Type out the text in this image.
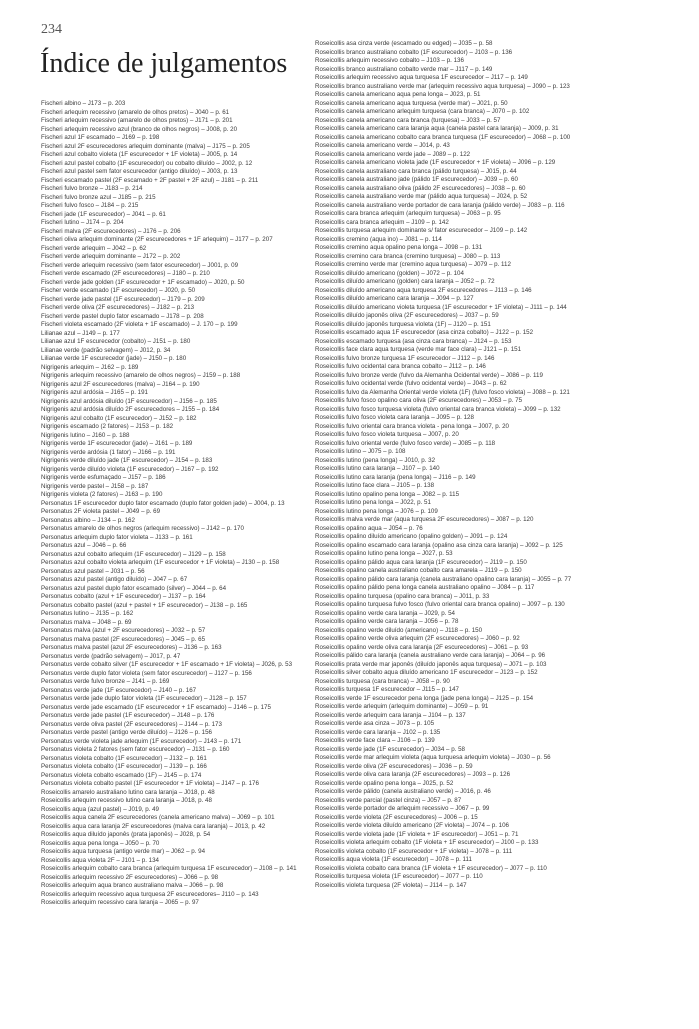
234
Índice de julgamentos
Fischeri albino – J173 – p. 203
Fischeri arlequim recessivo (amarelo de olhos pretos) – J040 – p. 61
Fischeri arlequim recessivo (amarelo de olhos pretos) – J171 – p. 201
Fischeri arlequim recessivo azul (branco de olhos negros) – J008, p. 20
Fischeri azul 1F escamado – J169 – p. 198
Fischeri azul 2F escurecedores arlequim dominante (malva) – J175 – p. 205
Fischeri azul cobalto violeta (1F escurecedor + 1F violeta) – J005, p. 14
Fischeri azul pastel cobalto (1F escurecedor) ou cobalto diluído – J002, p. 12
Fischeri azul pastel sem fator escurecedor (antigo diluído) – J003, p. 13
Fischeri escamado pastel (2F escamado + 2F pastel + 2F azul) – J181 – p. 211
Fischeri fulvo bronze – J183 – p. 214
Fischeri fulvo bronze azul – J185 – p. 215
Fischeri fulvo fosco – J184 – p. 215
Fischeri jade (1F escurecedor) – J041 – p. 61
Fischeri lutino – J174 – p. 204
Fischeri malva (2F escurecedores) – J176 – p. 206
Fischeri oliva arlequim dominante (2F escurecedores + 1F arlequim) – J177 – p. 207
Fischeri verde arlequim – J042 – p. 62
Fischeri verde arlequim dominante – J172 – p. 202
Fischeri verde arlequim recessivo (sem fator escurecedor) – J001, p. 09
Fischeri verde escamado (2F escurecedores) – J180 – p. 210
Fischeri verde jade golden (1F escurecedor + 1F escamado) – J020, p. 50
Fischer verde escamado (1F escurecedor) – J020, p. 50
Fischeri verde jade pastel (1F escurecedor) – J179 – p. 209
Fischeri verde oliva (2F escurecedores) – J182 – p. 213
Fischeri verde pastel duplo fator escamado – J178 – p. 208
Fischeri violeta escamado (2F violeta + 1F escamado) – J. 170 – p. 199
Lilianae azul – J149 – p. 177
Lilianae azul 1F escurecedor (cobalto) – J151 – p. 180
Lilianae verde (padrão selvagem) – J012, p. 34
Lilianae verde 1F escurecedor (jade) – J150 – p. 180
Nigrigenis arlequim – J162 – p. 189
Nigrigenis arlequim recessivo (amarelo de olhos negros) – J159 – p. 188
Nigrigenis azul 2F escurecedores (malva) – J164 – p. 190
Nigrigenis azul ardósia – J165 – p. 191
Nigrigenis azul ardósia diluído (1F escurecedor) – J156 – p. 185
Nigrigenis azul ardósia diluído 2F escurecedores – J155 – p. 184
Nigrigenis azul cobalto (1F escurecedor) – J152 – p. 182
Nigrigenis escamado (2 fatores) – J153 – p. 182
Nigrigenis lutino – J160 – p. 188
Nigrigenis verde 1F escurecedor (jade) – J161 – p. 189
Nigrigenis verde ardósia (1 fator) – J166 – p. 191
Nigrigenis verde diluído jade (1F escurecedor) – J154 – p. 183
Nigrigenis verde diluído violeta (1F escurecedor) – J167 – p. 192
Nigrigenis verde esfumaçado – J157 – p. 186
Nigrigenis verde pastel – J158 – p. 187
Nigrigenis violeta (2 fatores) – J163 – p. 190
Personatus 1F escurecedor duplo fator escamado (duplo fator golden jade) – J004, p. 13
Personatus 2F violeta pastel – J049 – p. 69
Personatus albino – J134 – p. 162
Personatus amarelo de olhos negros (arlequim recessivo) – J142 – p. 170
Personatus arlequim duplo fator violeta – J133 – p. 161
Personatus azul – J046 – p. 66
Personatus azul cobalto arlequim (1F escurecedor) – J129 – p. 158
Personatus azul cobalto violeta arlequim (1F escurecedor + 1F violeta) – J130 – p. 158
Personatus azul pastel – J031 – p. 56
Personatus azul pastel (antigo diluído) – J047 – p. 67
Personatus azul pastel duplo fator escamado (silver) – J044 – p. 64
Personatus cobalto (azul + 1F escurecedor) – J137 – p. 164
Personatus cobalto pastel (azul + pastel + 1F escurecedor) – J138 – p. 165
Personatus lutino – J135 – p. 162
Personatus malva – J048 – p. 69
Personatus malva (azul + 2F escurecedores) – J032 – p. 57
Personatus malva pastel (2F escurecedores) – J045 – p. 65
Personatus malva pastel (azul 2F escurecedores) – J136 – p. 163
Personatus verde (padrão selvagem) – J017, p. 47
Personatus verde cobalto silver (1F escurecedor + 1F escamado + 1F violeta) – J026, p. 53
Personatus verde duplo fator violeta (sem fator escurecedor) – J127 – p. 156
Personatus verde fulvo bronze – J141 – p. 169
Personatus verde jade (1F escurecedor) – J140 – p. 167
Personatus verde jade duplo fator violeta (1F escurecedor) – J128 – p. 157
Personatus verde jade escamado (1F escurecedor + 1F escamado) – J146 – p. 175
Personatus verde jade pastel (1F escurecedor) – J148 – p. 176
Personatus verde oliva pastel (2F escurecedores) – J144 – p. 173
Personatus verde pastel (antigo verde diluído) – J126 – p. 156
Personatus verde violeta jade arlequim (1F escurecedor) – J143 – p. 171
Personatus violeta 2 fatores (sem fator escurecedor) – J131 – p. 160
Personatus violeta cobalto (1F escurecedor) – J132 – p. 161
Personatus violeta cobalto (1F escurecedor) – J139 – p. 166
Personatus violeta cobalto escamado (1F) – J145 – p. 174
Personatus violeta cobalto pastel (1F escurecedor + 1F violeta) – J147 – p. 176
Roseicollis amarelo australiano lutino cara laranja – J018, p. 48
Roseicollis arlequim recessivo lutino cara laranja – J018, p. 48
Roseicollis aqua (azul pastel) – J019, p. 49
Roseicollis aqua canela 2F escurecedores (canela americano malva) – J069 – p. 101
Roseicollis aqua cara laranja 2F escurecedores (malva cara laranja) – J013, p. 42
Roseicollis aqua diluído japonês (prata japonês) – J028, p. 54
Roseicollis aqua pena longa – J050 – p. 70
Roseicollis aqua turquesa (antigo verde mar) – J062 – p. 94
Roseicollis aqua violeta 2F – J101 – p. 134
Roseicollis arlequim cobalto cara branca (arlequim turquesa 1F escurecedor) – J108 – p. 141
Roseicollis arlequim recessivo 2F escurecedores) – J066 – p. 98
Roseicollis arlequim aqua branco australiano malva – J066 – p. 98
Roseicollis arlequim recessivo aqua turquesa 2F escurecedores– J110 – p. 143
Roseicollis arlequim recessivo cara laranja – J065 – p. 97
Roseicollis asa cinza verde (escamado ou edged) – J035 – p. 58
Roseicollis branco australiano cobalto (1F escurecedor) – J103 – p. 136
Roseicollis arlequim recessivo cobalto – J103 – p. 136
Roseicollis branco australiano cobalto verde mar – J117 – p. 149
Roseicollis arlequim recessivo aqua turquesa 1F escurecedor – J117 – p. 149
Roseicollis branco australiano verde mar (arlequim recessivo aqua turquesa) – J090 – p. 123
Roseicollis canela americano aqua pena longa – J023, p. 51
Roseicollis canela americano aqua turquesa (verde mar) – J021, p. 50
Roseicollis canela americano arlequim turquesa (cara branca) – J070 – p. 102
Roseicollis canela americano cara branca (turquesa) – J033 – p. 57
Roseicollis canela americano cara laranja aqua (canela pastel cara laranja) – J009, p. 31
Roseicollis canela americano cobalto cara branca turquesa (1F escurecedor) – J068 – p. 100
Roseicollis canela americano verde – J014, p. 43
Roseicollis canela americano verde jade – J089 – p. 122
Roseicollis canela americano violeta jade (1F escurecedor + 1F violeta) – J096 – p. 129
Roseicollis canela australiano cara branca (pálido turquesa) – J015, p. 44
Roseicollis canela australiano jade (pálido 1F escurecedor) – J039 – p. 60
Roseicollis canela australiano oliva (pálido 2F escurecedores) – J038 – p. 60
Roseicollis canela australiano verde mar (pálido aqua turquesa) – J024, p. 52
Roseicollis canela australiano verde portador de cara laranja (pálido verde) – J083 – p. 116
Roseicollis cara branca arlequim (arlequim turquesa) – J063 – p. 95
Roseicollis cara branca arlequim – J109 – p. 142
Roseicollis turquesa arlequim dominante s/ fator escurecedor – J109 – p. 142
Roseicollis cremino (aqua ino) – J081 – p. 114
Roseicollis cremino aqua opalino pena longa – J098 – p. 131
Roseicollis cremino cara branca (cremino turquesa) – J080 – p. 113
Roseicollis cremino verde mar (cremino aqua turquesa) – J079 – p. 112
Roseicollis diluído americano (golden) – J072 – p. 104
Roseicollis diluído americano (golden) cara laranja – J052 – p. 72
Roseicollis diluído americano aqua turquesa 2F escurecedores – J113 – p. 146
Roseicollis diluído americano cara laranja – J094 – p. 127
Roseicollis diluído americano violeta turquesa (1F escurecedor + 1F violeta) – J111 – p. 144
Roseicollis diluído japonês oliva (2F escurecedores) – J037 – p. 59
Roseicollis diluído japonês turquesa violeta (1F) – J120 – p. 151
Roseicollis escamado aqua 1F escurecedor (asa cinza cobalto) – J122 – p. 152
Roseicollis escamado turquesa (asa cinza cara branca) – J124 – p. 153
Roseicollis face clara aqua turquesa (verde mar face clara) – J121 – p. 151
Roseicollis fulvo bronze turquesa 1F escurecedor – J112 – p. 146
Roseicollis fulvo ocidental cara branca cobalto – J112 – p. 146
Roseicollis fulvo bronze verde (fulvo da Alemanha Ocidental verde) – J086 – p. 119
Roseicollis fulvo ocidental verde (fulvo ocidental verde) – J043 – p. 62
Roseicollis fulvo da Alemanha Oriental verde violeta (1F) (fulvo fosco violeta) – J088 – p. 121
Roseicollis fulvo fosco opalino cara oliva (2F escurecedores) – J053 – p. 75
Roseicollis fulvo fosco turquesa violeta (fulvo oriental cara branca violeta) – J099 – p. 132
Roseicollis fulvo fosco violeta cara laranja – J095 – p. 128
Roseicollis fulvo oriental cara branca violeta - pena longa – J007, p. 20
Roseicollis fulvo fosco violeta turquesa – J007, p. 20
Roseicollis fulvo oriental verde (fulvo fosco verde) – J085 – p. 118
Roseicollis lutino – J075 – p. 108
Roseicollis lutino (pena longa) – J010, p. 32
Roseicollis lutino cara laranja – J107 – p. 140
Roseicollis lutino cara laranja (pena longa) – J116 – p. 149
Roseicollis lutino face clara – J105 – p. 138
Roseicollis lutino opalino pena longa – J082 – p. 115
Roseicollis lutino pena longa – J022, p. 51
Roseicollis lutino pena longa – J076 – p. 109
Roseicollis malva verde mar (aqua turquesa 2F escurecedores) – J087 – p. 120
Roseicollis opalino aqua – J054 – p. 76
Roseicollis opalino diluído americano (opalino golden) – J091 – p. 124
Roseicollis opalino escamado cara laranja (opalino asa cinza cara laranja) – J092 – p. 125
Roseicollis opalino lutino pena longa – J027, p. 53
Roseicollis opalino pálido aqua cara laranja (1F escurecedor) – J119 – p. 150
Roseicollis opalino canela australiano cobalto cara amarela – J119 – p. 150
Roseicollis opalino pálido cara laranja (canela australiano opalino cara laranja) – J055 – p. 77
Roseicollis opalino pálido pena longa canela australiano opalino – J084 – p. 117
Roseicollis opalino turquesa (opalino cara branca) – J011, p. 33
Roseicollis opalino turquesa fulvo fosco (fulvo oriental cara branca opalino) – J097 – p. 130
Roseicollis opalino verde cara laranja – J029, p. 54
Roseicollis opalino verde cara laranja – J056 – p. 78
Roseicollis opalino verde diluído (americano) – J118 – p. 150
Roseicollis opalino verde oliva arlequim (2F escurecedores) – J060 – p. 92
Roseicollis opalino verde oliva cara laranja (2F escurecedores) – J061 – p. 93
Roseicollis pálido cara laranja (canela australiano verde cara laranja) – J064 – p. 96
Roseicollis prata verde mar japonês (diluído japonês aqua turquesa) – J071 – p. 103
Roseicollis silver cobalto aqua diluído americano 1F escurecedor – J123 – p. 152
Roseicollis turquesa (cara branca) – J058 – p. 90
Roseicollis turquesa 1F escurecedor – J115 – p. 147
Roseicollis verde 1F escurecedor pena longa (jade pena longa) – J125 – p. 154
Roseicollis verde arlequim (arlequim dominante) – J059 – p. 91
Roseicollis verde arlequim cara laranja – J104 – p. 137
Roseicollis verde asa cinza – J073 – p. 105
Roseicollis verde cara laranja – J102 – p. 135
Roseicollis verde face clara – J106 – p. 139
Roseicollis verde jade (1F escurecedor) – J034 – p. 58
Roseicollis verde mar arlequim violeta (aqua turquesa arlequim violeta) – J030 – p. 56
Roseicollis verde oliva (2F escurecedores) – J036 – p. 59
Roseicollis verde oliva cara laranja (2F escurecedores) – J093 – p. 126
Roseicollis verde opalino pena longa – J025, p. 52
Roseicollis verde pálido (canela australiano verde) – J016, p. 46
Roseicollis verde parcial (pastel cinza) – J057 – p. 87
Roseicollis verde portador de arlequim recessivo – J067 – p. 99
Roseicollis verde violeta (2F escurecedores) – J006 – p. 15
Roseicollis verde violeta diluído americano (2F violeta) – J074 – p. 106
Roseicollis verde violeta jade (1F violeta + 1F escurecedor) – J051 – p. 71
Roseicollis violeta arlequim cobalto (1F violeta + 1F escurecedor) – J100 – p. 133
Roseicollis violeta cobalto (1F escurecedor + 1F violeta) – J078 – p. 111
Roseicollis aqua violeta (1F escurecedor) – J078 – p. 111
Roseicollis violeta cobalto cara branca (1F violeta + 1F escurecedor) – J077 – p. 110
Roseicollis turquesa violeta (1F escurecedor) – J077 – p. 110
Roseicollis violeta turquesa (2F violeta) – J114 – p. 147
